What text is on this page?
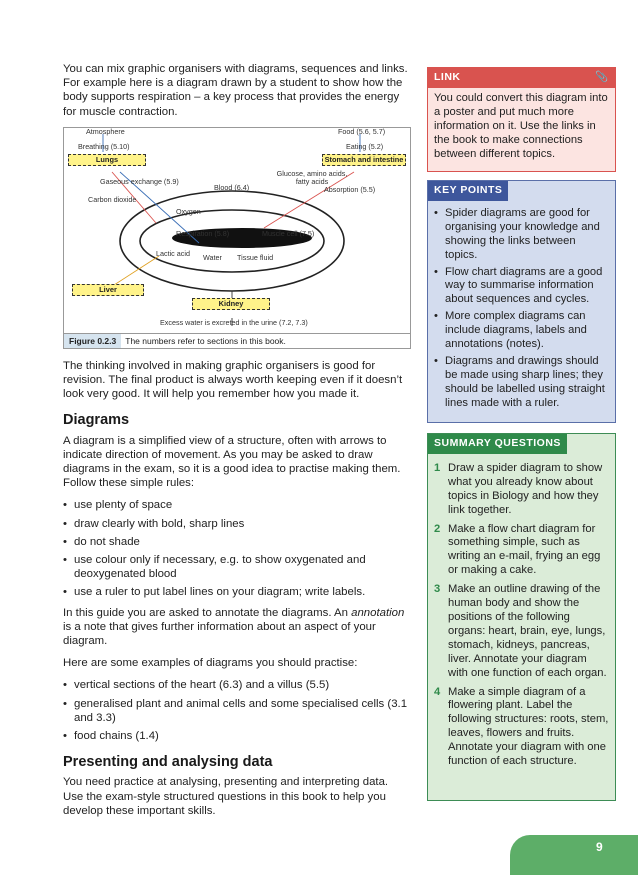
You can mix graphic organisers with diagrams, sequences and links. For example here is a diagram drawn by a student to show how the body supports respiration – a key process that provides the energy for muscle contraction.

Atmosphere
Breathing (5.10)
Lungs
Food (5.6, 5.7)
Eating (5.2)
Stomach and intestine
Gaseous exchange (5.9)
Carbon dioxide
Blood (6.4)
Glucose, amino acids, fatty acids
Absorption (5.5)
Oxygen
Respiration (5.8)	Muscle cell (7.5)
Lactic acid Water Tissue fluid
Liver
Kidney
Excess water is excreted in the urine (7.2, 7.3)
Figure 0.2.3 The numbers refer to sections in this book.

The thinking involved in making graphic organisers is good for revision. The final product is always worth keeping even if it doesn’t look very good. It will help you remember how you made it.

Diagrams

A diagram is a simplified view of a structure, often with arrows to indicate direction of movement. As you may be asked to draw diagrams in the exam, so it is a good idea to practise making them. Follow these simple rules:

• use plenty of space
• draw clearly with bold, sharp lines
• do not shade
• use colour only if necessary, e.g. to show oxygenated and deoxygenated blood
• use a ruler to put label lines on your diagram; write labels.

In this guide you are asked to annotate the diagrams. An annotation is a note that gives further information about an aspect of your diagram.

Here are some examples of diagrams you should practise:

• vertical sections of the heart (6.3) and a villus (5.5)
• generalised plant and animal cells and some specialised cells (3.1 and 3.3)
• food chains (1.4)
Presenting and analysing data

You need practice at analysing, presenting and interpreting data. Use the exam-style structured questions in this book to help you develop these important skills.

LINK	📎
You could convert this diagram into a poster and put much more information on it. Use the links in the book to make connections between different topics.
KEY POINTS
• Spider diagrams are good for organising your knowledge and showing the links between topics.
• Flow chart diagrams are a good way to summarise information about sequences and cycles.
• More complex diagrams can include diagrams, labels and annotations (notes).
• Diagrams and drawings should be made using sharp lines; they should be labelled using straight lines made with a ruler.
SUMMARY QUESTIONS
1 Draw a spider diagram to show what you already know about topics in Biology and how they link together.
2 Make a flow chart diagram for something simple, such as writing an e-mail, frying an egg or making a cake.
3 Make an outline drawing of the human body and show the positions of the following organs: heart, brain, eye, lungs, stomach, kidneys, pancreas, liver. Annotate your diagram with one function of each organ.
4 Make a simple diagram of a flowering plant. Label the following structures: roots, stem, leaves, flowers and fruits. Annotate your diagram with one function of each structure.
9
